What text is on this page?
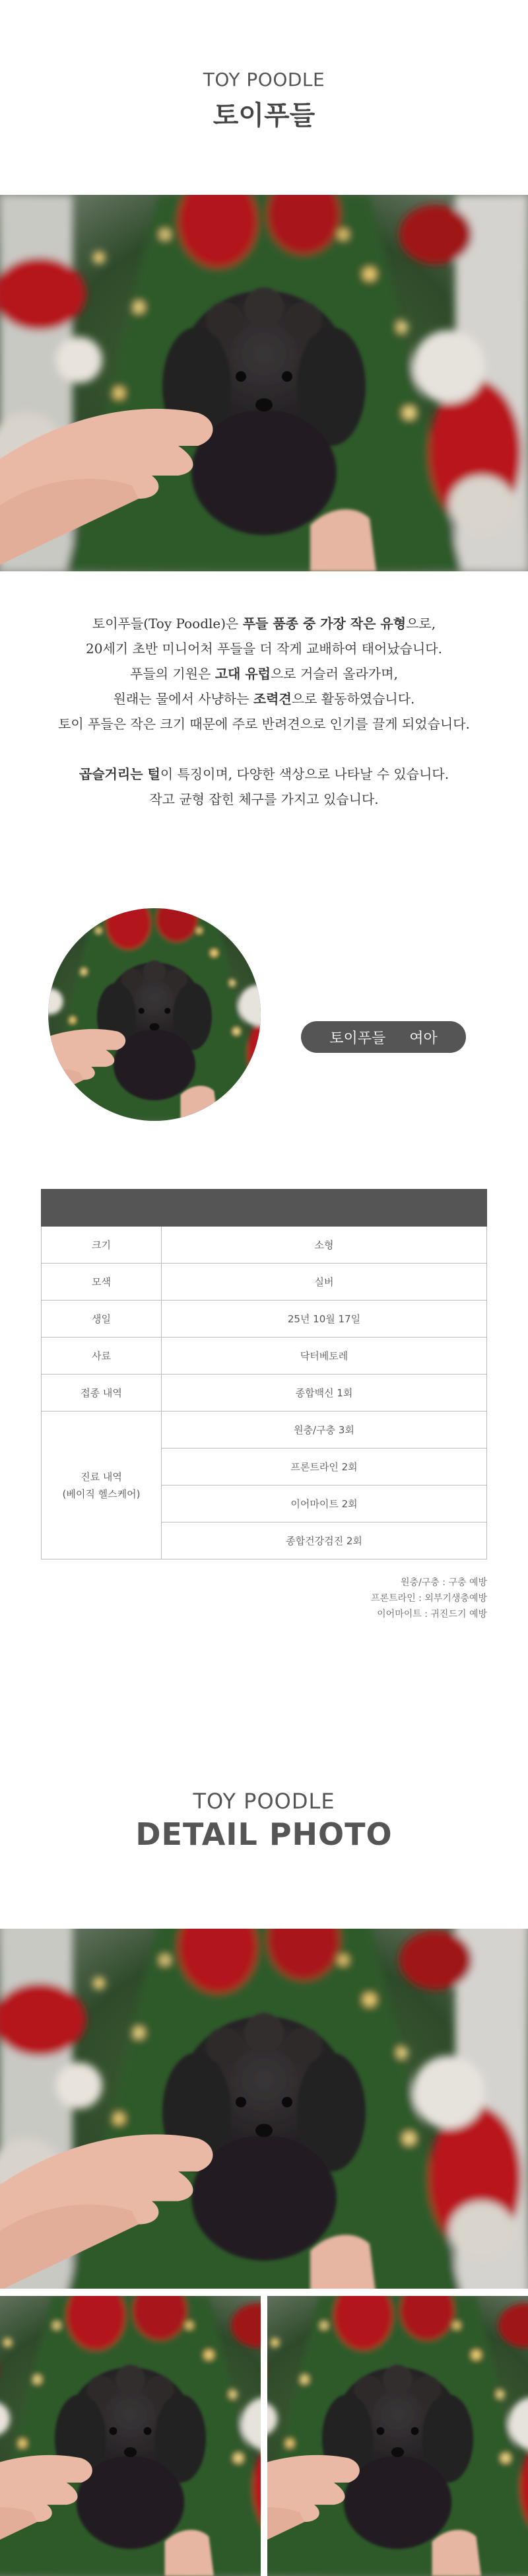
TOY POODLE
토이푸들

토이푸들(Toy Poodle)은 푸들 품종 중 가장 작은 유형으로,

20세기 초반 미니어처 푸들을 더 작게 교배하여 태어났습니다.

푸들의 기원은 고대 유럽으로 거슬러 올라가며,

원래는 물에서 사냥하는 조력견으로 활동하였습니다.

토이 푸들은 작은 크기 때문에 주로 반려견으로 인기를 끌게 되었습니다.

곱슬거리는 털이 특징이며, 다양한 색상으로 나타날 수 있습니다.

작고 균형 잡힌 체구를 가지고 있습니다.

토이푸들 여아

크기	소형
모색	실버
생일	25년 10월 17일
사료	닥터베토레
접종 내역	종합백신 1회

진료 내역
(베이직 헬스케어)	원충/구충 3회
	프론트라인 2회
	이어마이트 2회
	종합건강검진 2회
원충/구충 : 구충 예방
프론트라인 : 외부기생충예방
이어마이트 : 귀진드기 예방
TOY POODLE
DETAIL PHOTO
